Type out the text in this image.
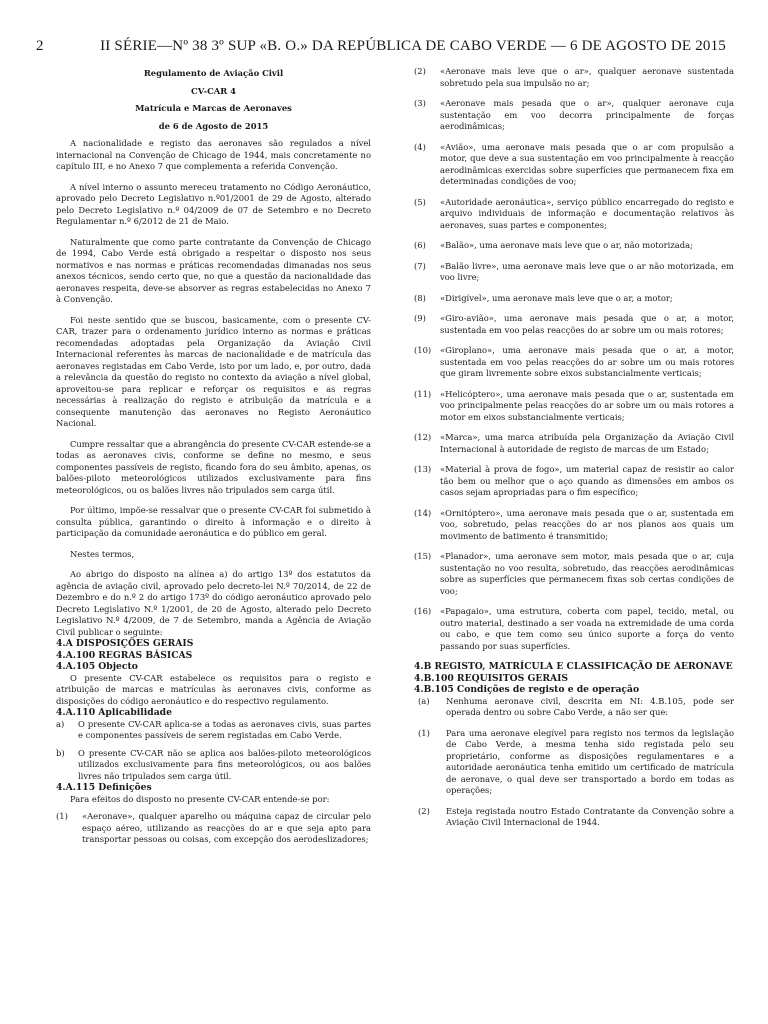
2	II SÉRIE—Nº 38 3º SUP «B. O.» DA REPÚBLICA DE CABO VERDE — 6 DE AGOSTO DE 2015

Regulamento de Aviação Civil

CV-CAR 4

Matrícula e Marcas de Aeronaves

de 6 de Agosto de 2015

A nacionalidade e registo das aeronaves são regulados a nível internacional na Convenção de Chicago de 1944, mais concretamente no capítulo III, e no Anexo 7 que complementa a referida Convenção.

A nível interno o assunto mereceu tratamento no Código Aeronáutico, aprovado pelo Decreto Legislativo n.º01/2001 de 29 de Agosto, alterado pelo Decreto Legislativo n.º 04/2009 de 07 de Setembro e no Decreto Regulamentar n.º 6/2012 de 21 de Maio.

Naturalmente que como parte contratante da Convenção de Chicago de 1994, Cabo Verde está obrigado a respeitar o disposto nos seus normativos e nas normas e práticas recomendadas dimanadas nos seus anexos técnicos, sendo certo que, no que a questão da nacionalidade das aeronaves respeita, deve-se absorver as regras estabelecidas no Anexo 7 à Convenção.

Foi neste sentido que se buscou, basicamente, com o presente CV-CAR, trazer para o ordenamento jurídico interno as normas e práticas recomendadas adoptadas pela Organização da Aviação Civil Internacional referentes às marcas de nacionalidade e de matrícula das aeronaves registadas em Cabo Verde, isto por um lado, e, por outro, dada a relevância da questão do registo no contexto da aviação a nível global, aproveitou-se para replicar e reforçar os requisitos e as regras necessárias à realização do registo e atribuição da matrícula e a consequente manutenção das aeronaves no Registo Aeronáutico Nacional.

Cumpre ressaltar que a abrangência do presente CV-CAR estende-se a todas as aeronaves civis, conforme se define no mesmo, e seus componentes passíveis de registo, ficando fora do seu âmbito, apenas, os balões-piloto meteorológicos utilizados exclusivamente para fins meteorológicos, ou os balões livres não tripulados sem carga útil.

Por último, impõe-se ressalvar que o presente CV-CAR foi submetido à consulta pública, garantindo o direito à informação e o direito à participação da comunidade aeronáutica e do público em geral.

Nestes termos,

Ao abrigo do disposto na alínea a) do artigo 13º dos estatutos da agência de aviação civil, aprovado pelo decreto-lei N.º 70/2014, de 22 de Dezembro e do n.º 2 do artigo 173º do código aeronáutico aprovado pelo Decreto Legislativo N.º 1/2001, de 20 de Agosto, alterado pelo Decreto Legislativo N.º 4/2009, de 7 de Setembro, manda a Agência de Aviação Civil publicar o seguinte:

4.A DISPOSIÇÕES GERAIS

4.A.100 REGRAS BÁSICAS

4.A.105 Objecto

O presente CV-CAR estabelece os requisitos para o registo e atribuição de marcas e matrículas às aeronaves civis, conforme as disposições do código aeronáutico e do respectivo regulamento.

4.A.110 Aplicabilidade

a)	O presente CV-CAR aplica-se a todas as aeronaves civis, suas partes e componentes passíveis de serem registadas em Cabo Verde.
b)	O presente CV-CAR não se aplica aos balões-piloto meteorológicos utilizados exclusivamente para fins meteorológicos, ou aos balões livres não tripulados sem carga útil.

4.A.115 Definições

Para efeitos do disposto no presente CV-CAR entende-se por:

(1)	«Aeronave», qualquer aparelho ou máquina capaz de circular pelo espaço aéreo, utilizando as reacções do ar e que seja apto para transportar pessoas ou coisas, com excepção dos aerodeslizadores;
(2)	«Aeronave mais leve que o ar», qualquer aeronave sustentada sobretudo pela sua impulsão no ar;
(3)	«Aeronave mais pesada que o ar», qualquer aeronave cuja sustentação em voo decorra principalmente de forças aerodinâmicas;
(4)	«Avião», uma aeronave mais pesada que o ar com propulsão a motor, que deve a sua sustentação em voo principalmente à reacção aerodinâmicas exercidas sobre superfícies que permanecem fixa em determinadas condições de voo;
(5)	«Autoridade aeronáutica», serviço público encarregado do registo e arquivo individuais de informação e documentação relativos às aeronaves, suas partes e componentes;
(6)	«Balão», uma aeronave mais leve que o ar, não motorizada;
(7)	«Balão livre», uma aeronave mais leve que o ar não motorizada, em voo livre;
(8)	«Dirigível», uma aeronave mais leve que o ar, a motor;
(9)	«Giro-avião», uma aeronave mais pesada que o ar, a motor, sustentada em voo pelas reacções do ar sobre um ou mais rotores;
(10)	«Giroplano», uma aeronave mais pesada que o ar, a motor, sustentada em voo pelas reacções do ar sobre um ou mais rotores que giram livremente sobre eixos substancialmente verticais;
(11)	«Helicóptero», uma aeronave mais pesada que o ar, sustentada em voo principalmente pelas reacções do ar sobre um ou mais rotores a motor em eixos substancialmente verticais;
(12)	«Marca», uma marca atribuída pela Organização da Aviação Civil Internacional à autoridade de registo de marcas de um Estado;
(13)	«Material à prova de fogo», um material capaz de resistir ao calor tão bem ou melhor que o aço quando as dimensões em ambos os casos sejam apropriadas para o fim específico;
(14)	«Ornitóptero», uma aeronave mais pesada que o ar, sustentada em voo, sobretudo, pelas reacções do ar nos planos aos quais um movimento de batimento é transmitido;
(15)	«Planador», uma aeronave sem motor, mais pesada que o ar, cuja sustentação no voo resulta, sobretudo, das reacções aerodinâmicas sobre as superfícies que permanecem fixas sob certas condições de voo;
(16)	«Papagaio», uma estrutura, coberta com papel, tecido, metal, ou outro material, destinado a ser voada na extremidade de uma corda ou cabo, e que tem como seu único suporte a força do vento passando por suas superfícies.

4.B REGISTO, MATRÍCULA E CLASSIFICAÇÃO DE AERONAVE

4.B.100 REQUISITOS GERAIS

4.B.105 Condições de registo e de operação

(a)	Nenhuma aeronave civil, descrita em NI: 4.B.105, pode ser operada dentro ou sobre Cabo Verde, a não ser que:
(1)	Para uma aeronave elegível para registo nos termos da legislação de Cabo Verde, a mesma tenha sido registada pelo seu proprietário, conforme as disposições regulamentares e a autoridade aeronáutica tenha emitido um certificado de matrícula de aeronave, o qual deve ser transportado a bordo em todas as operações;
(2)	Esteja registada noutro Estado Contratante da Convenção sobre a Aviação Civil Internacional de 1944.
